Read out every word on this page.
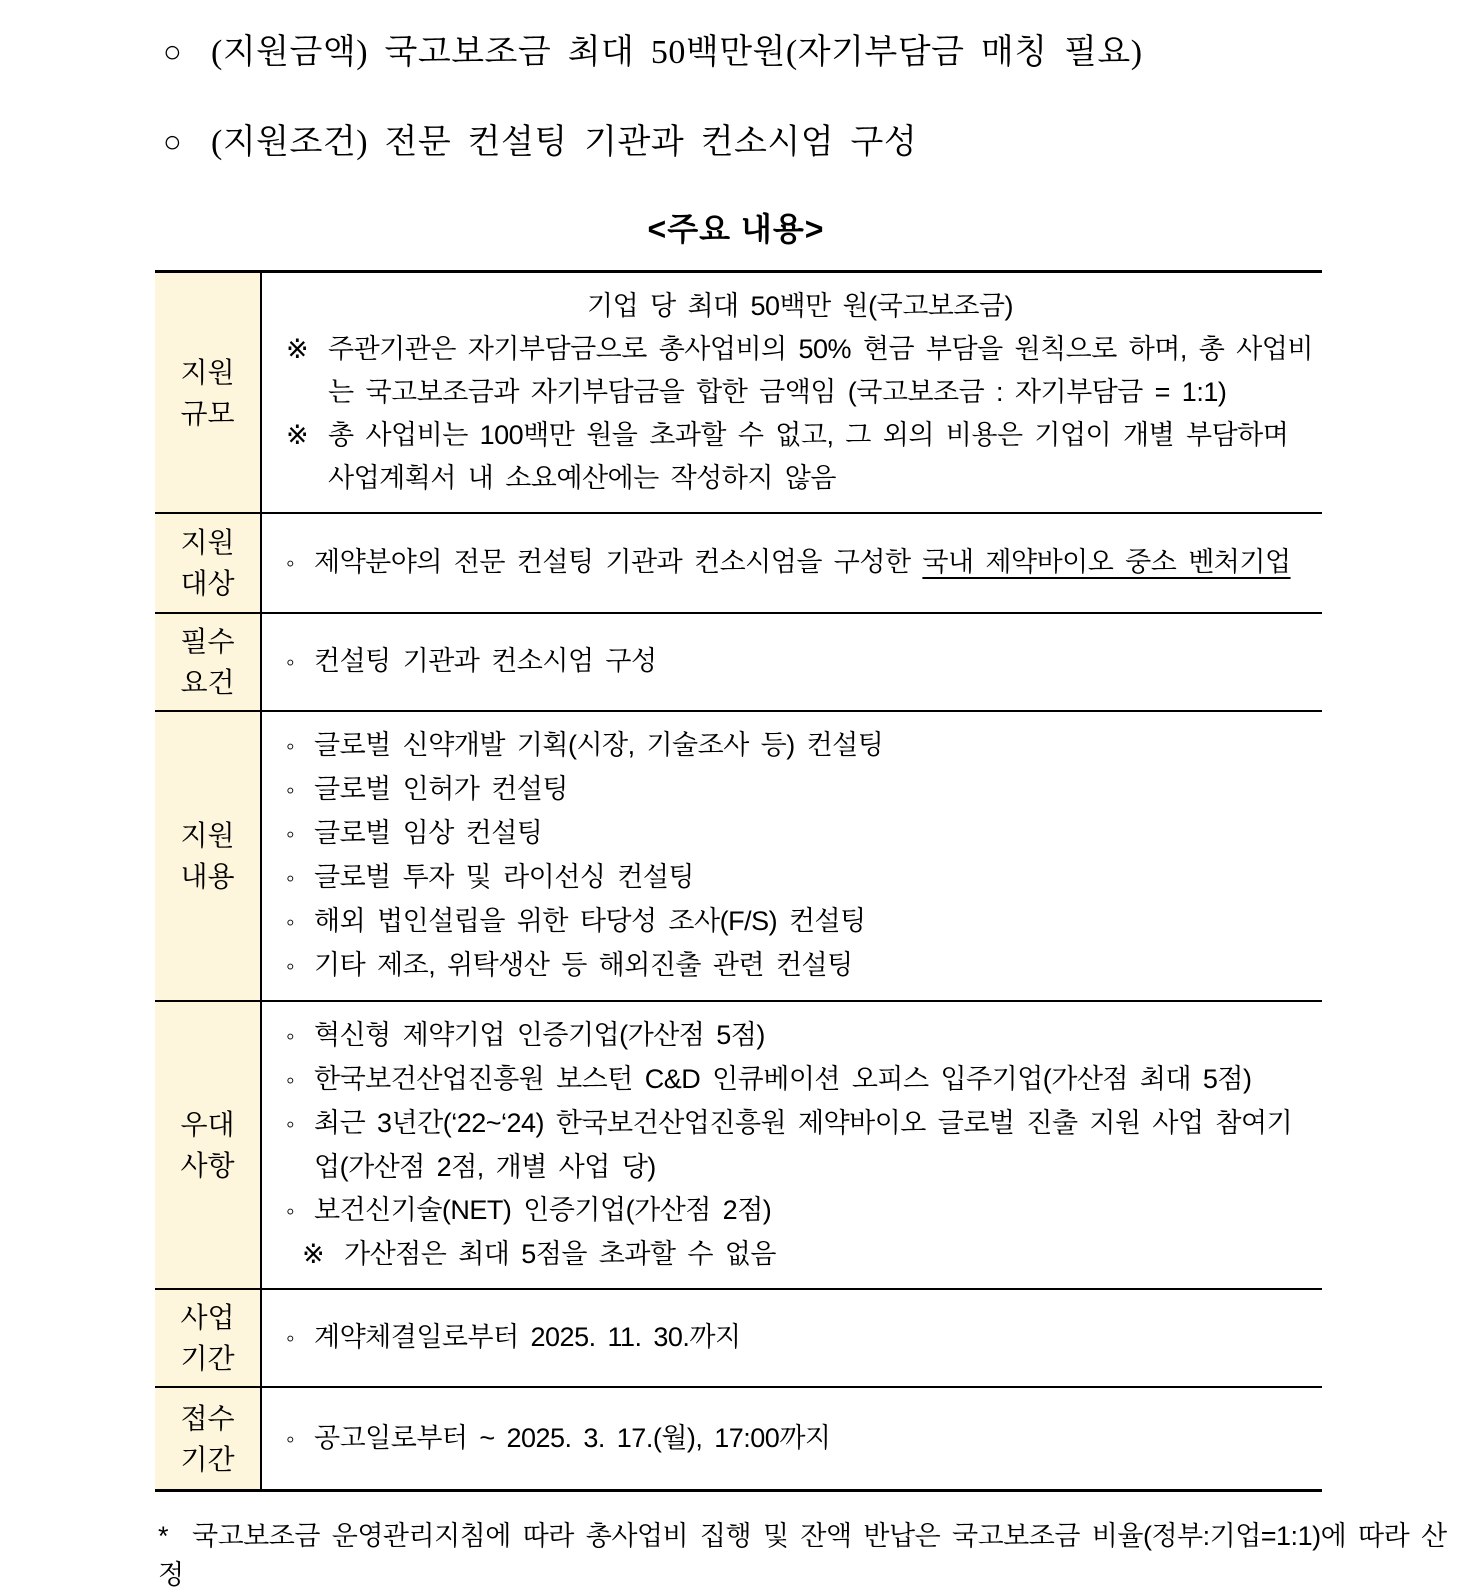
○ (지원금액) 국고보조금 최대 50백만원(자기부담금 매칭 필요)
○ (지원조건) 전문 컨설팅 기관과 컨소시엄 구성
<주요 내용>
지원
규모
기업 당 최대 50백만 원(국고보조금)
※ 주관기관은 자기부담금으로 총사업비의 50% 현금 부담을 원칙으로 하며, 총 사업비는 국고보조금과 자기부담금을 합한 금액임 (국고보조금 : 자기부담금 = 1:1)
※ 총 사업비는 100백만 원을 초과할 수 없고, 그 외의 비용은 기업이 개별 부담하며 사업계획서 내 소요예산에는 작성하지 않음
지원
대상
◦ 제약분야의 전문 컨설팅 기관과 컨소시엄을 구성한 국내 제약바이오 중소 벤처기업
필수
요건
◦ 컨설팅 기관과 컨소시엄 구성
지원
내용
◦ 글로벌 신약개발 기획(시장, 기술조사 등) 컨설팅
◦ 글로벌 인허가 컨설팅
◦ 글로벌 임상 컨설팅
◦ 글로벌 투자 및 라이선싱 컨설팅
◦ 해외 법인설립을 위한 타당성 조사(F/S) 컨설팅
◦ 기타 제조, 위탁생산 등 해외진출 관련 컨설팅
우대
사항
◦ 혁신형 제약기업 인증기업(가산점 5점)
◦ 한국보건산업진흥원 보스턴 C&D 인큐베이션 오피스 입주기업(가산점 최대 5점)
◦ 최근 3년간(‘22~‘24) 한국보건산업진흥원 제약바이오 글로벌 진출 지원 사업 참여기업(가산점 2점, 개별 사업 당)
◦ 보건신기술(NET) 인증기업(가산점 2점)
※ 가산점은 최대 5점을 초과할 수 없음
사업
기간
◦ 계약체결일로부터 2025. 11. 30.까지
접수
기간
◦ 공고일로부터 ~ 2025. 3. 17.(월), 17:00까지
* 국고보조금 운영관리지침에 따라 총사업비 집행 및 잔액 반납은 국고보조금 비율(정부:기업=1:1)에 따라 산정
